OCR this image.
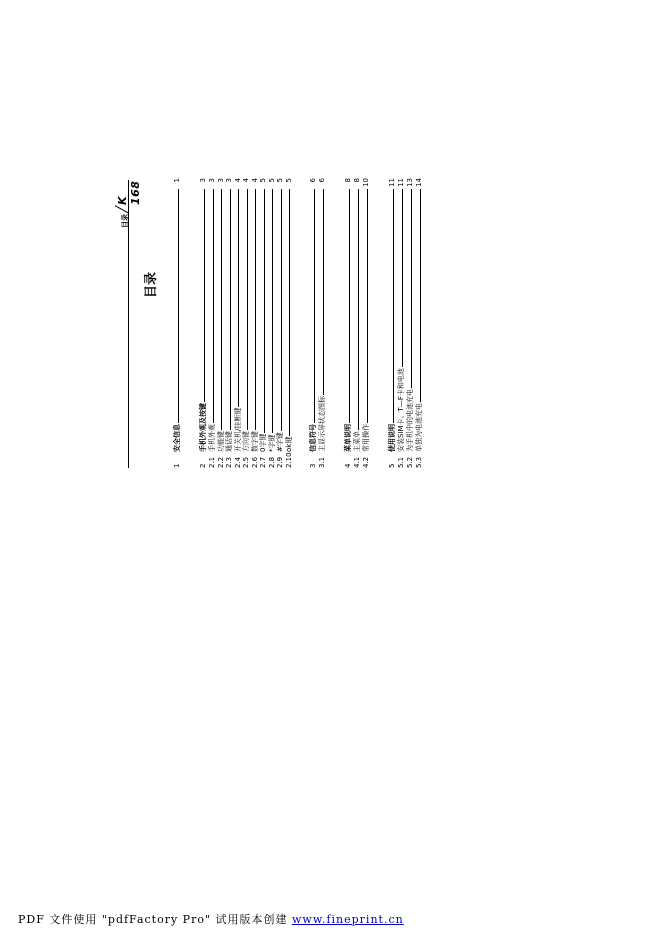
目录
K 168
目录
1
安全信息
1
2
手机外观及按键
3
2.1
手机外观
3
2.2
功能键
3
2.3
通话键
3
2.4
开关机/挂断键
4
2.5
方向键
4
2.6
数字键
4
2.7
0字键
5
2.8
*字键
5
2.9
#字键
5
2.10
ok键
5
3
信息符号
6
3.1
主显示屏状态图标
6
4
菜单说明
8
4.1
主菜单
8
4.2
常用操作
10
5
使用说明
11
5.1
安装SIM卡、T—F卡和电池
11
5.2
为手机中的电池充电
13
5.3
单独为电池充电
14
PDF 文件使用 "pdfFactory Pro" 试用版本创建 www.fineprint.cn
